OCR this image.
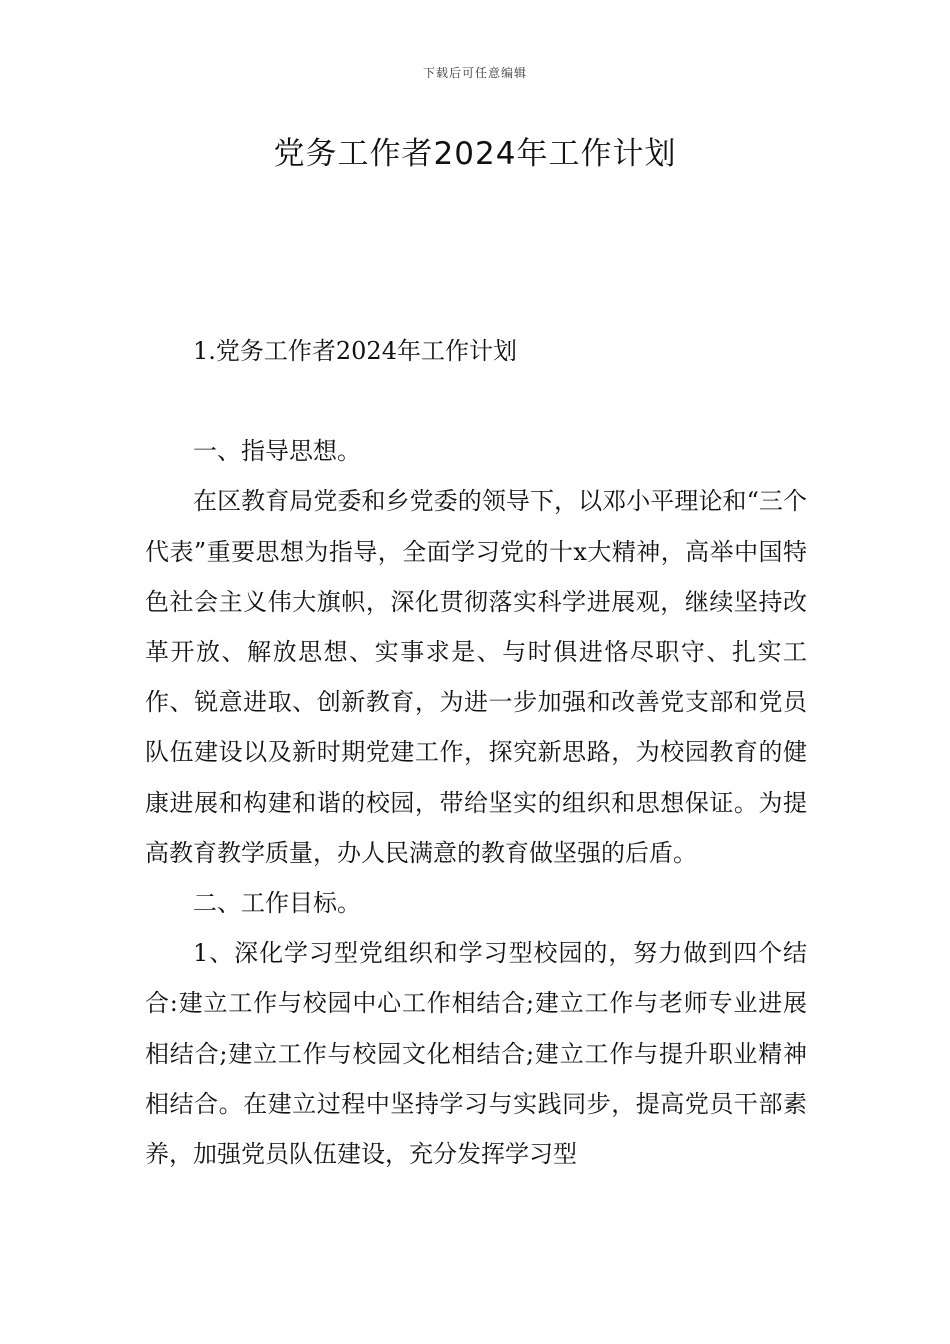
下载后可任意编辑
党务工作者2024年工作计划

1.党务工作者2024年工作计划

一、指导思想。

在区教育局党委和乡党委的领导下，以邓小平理论和“三个代表”重要思想为指导，全面学习党的十x大精神，高举中国特色社会主义伟大旗帜，深化贯彻落实科学进展观，继续坚持改革开放、解放思想、实事求是、与时俱进恪尽职守、扎实工作、锐意进取、创新教育，为进一步加强和改善党支部和党员队伍建设以及新时期党建工作，探究新思路，为校园教育的健康进展和构建和谐的校园，带给坚实的组织和思想保证。为提高教育教学质量，办人民满意的教育做坚强的后盾。

二、工作目标。

1、深化学习型党组织和学习型校园的，努力做到四个结合:建立工作与校园中心工作相结合;建立工作与老师专业进展相结合;建立工作与校园文化相结合;建立工作与提升职业精神相结合。在建立过程中坚持学习与实践同步，提高党员干部素养，加强党员队伍建设，充分发挥学习型
